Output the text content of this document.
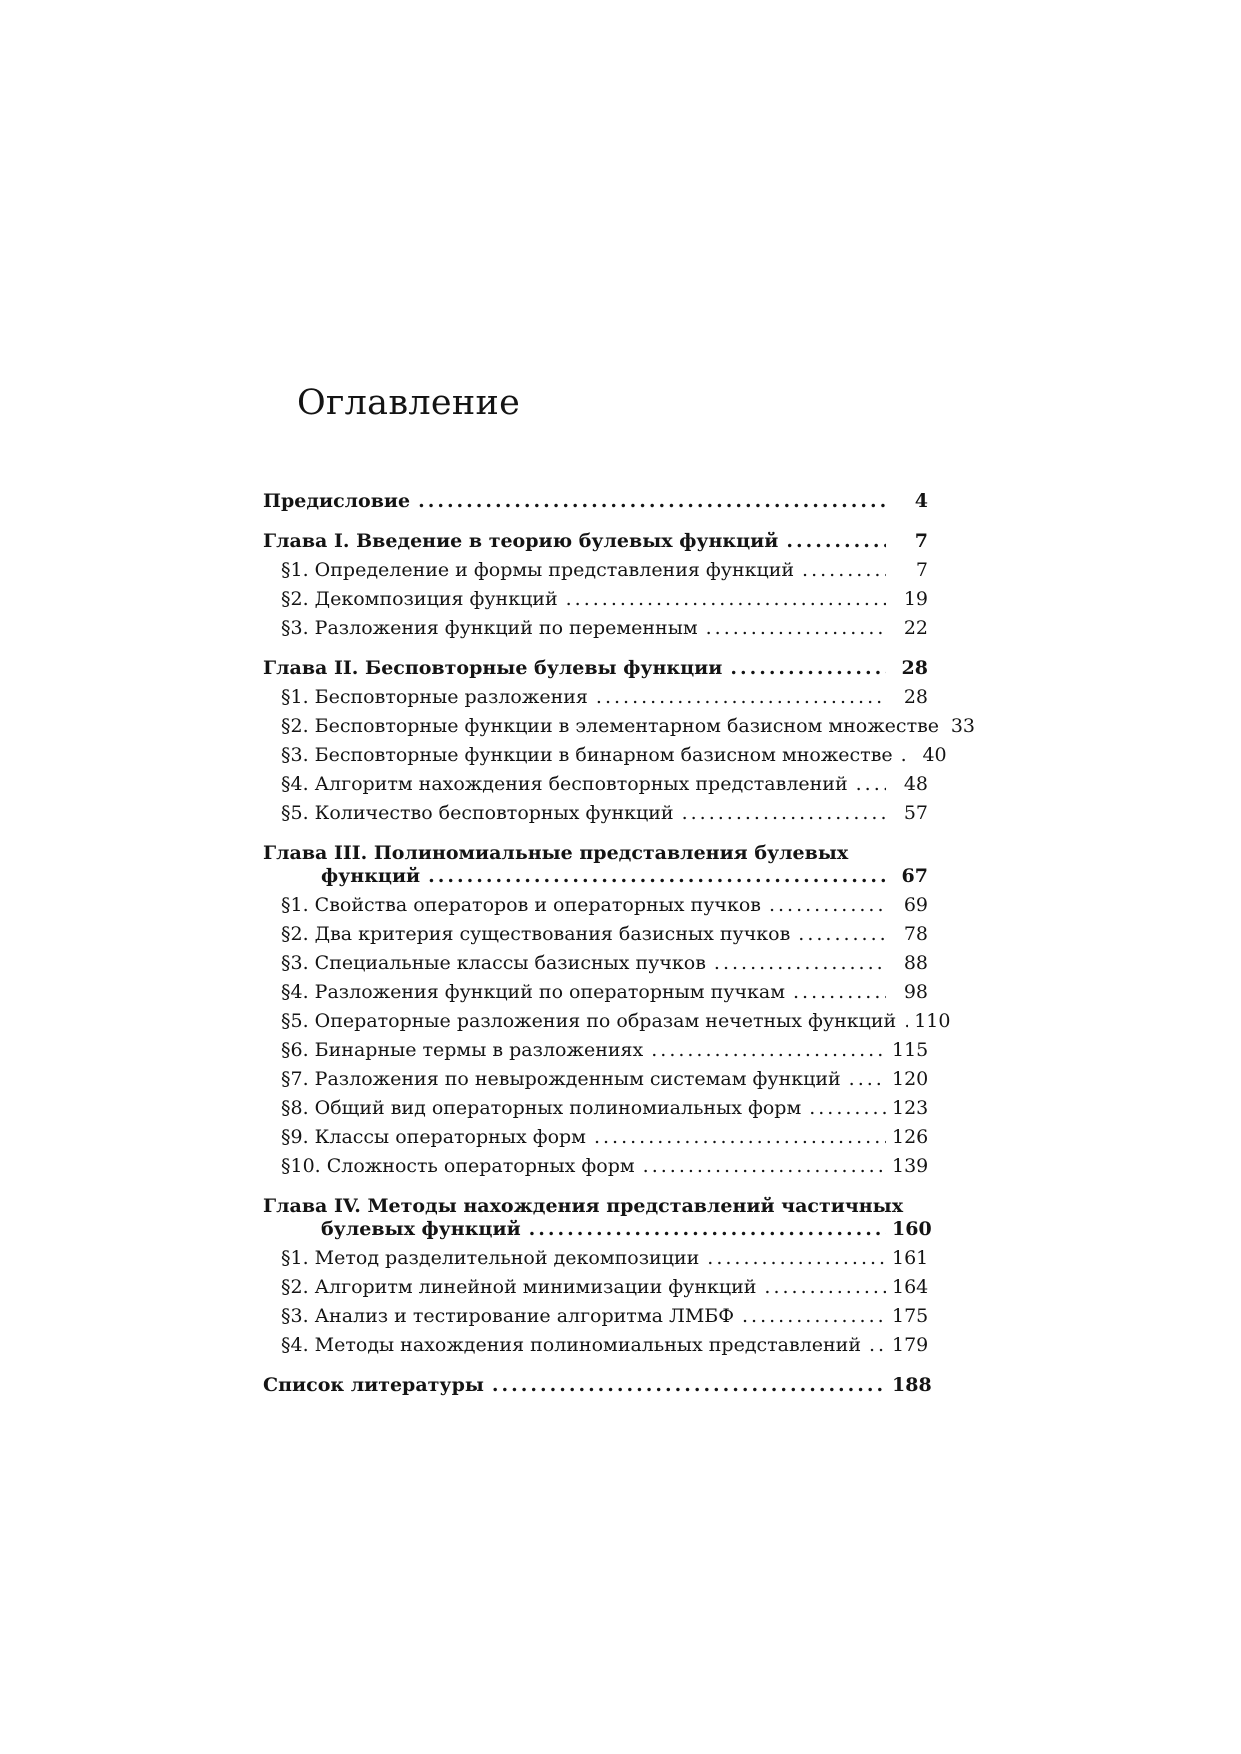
Оглавление
Предисловие .....	4
Глава I. Введение в теорию булевых функций .....	7
§1. Определение и формы представления функций .....	7
§2. Декомпозиция функций .....	19
§3. Разложения функций по переменным .....	22
Глава II. Бесповторные булевы функции .....	28
§1. Бесповторные разложения .....	28
§2. Бесповторные функции в элементарном базисном множестве 33
§3. Бесповторные функции в бинарном базисном множестве .....	40
§4. Алгоритм нахождения бесповторных представлений .....	48
§5. Количество бесповторных функций .....	57
Глава III. Полиномиальные представления булевых
функций .....	67
§1. Свойства операторов и операторных пучков .....	69
§2. Два критерия существования базисных пучков .....	78
§3. Специальные классы базисных пучков .....	88
§4. Разложения функций по операторным пучкам .....	98
§5. Операторные разложения по образам нечетных функций ..... 110
§6. Бинарные термы в разложениях .....	115
§7. Разложения по невырожденным системам функций .....	120
§8. Общий вид операторных полиномиальных форм .....	123
§9. Классы операторных форм .....	126
§10. Сложность операторных форм .....	139
Глава IV. Методы нахождения представлений частичных
булевых функций .....	160
§1. Метод разделительной декомпозиции .....	161
§2. Алгоритм линейной минимизации функций .....	164
§3. Анализ и тестирование алгоритма ЛМБФ .....	175
§4. Методы нахождения полиномиальных представлений ..... 179
Список литературы .....	188
